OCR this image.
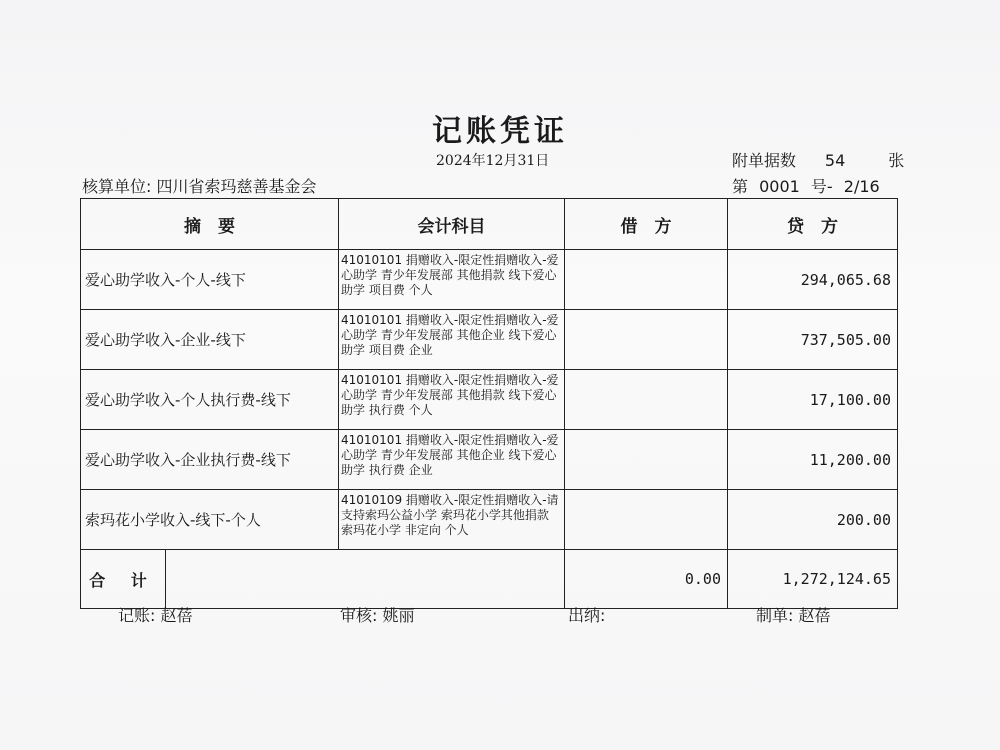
记账凭证
2024年12月31日	附单据数 54	张
核算单位: 四川省索玛慈善基金会	第 0001 号- 2/16
摘　要	会计科目	借　方	贷　方
爱心助学收入-个人-线下	41010101 捐赠收入-限定性捐赠收入-爱心助学 青少年发展部 其他捐款 线下爱心助学 项目费 个人		294,065.68
爱心助学收入-企业-线下	41010101 捐赠收入-限定性捐赠收入-爱心助学 青少年发展部 其他企业 线下爱心助学 项目费 企业		737,505.00
爱心助学收入-个人执行费-线下	41010101 捐赠收入-限定性捐赠收入-爱心助学 青少年发展部 其他捐款 线下爱心助学 执行费 个人		17,100.00
爱心助学收入-企业执行费-线下	41010101 捐赠收入-限定性捐赠收入-爱心助学 青少年发展部 其他企业 线下爱心助学 执行费 企业		11,200.00
索玛花小学收入-线下-个人	41010109 捐赠收入-限定性捐赠收入-请支持索玛公益小学 索玛花小学其他捐款 索玛花小学 非定向 个人		200.00

合 计		0.00	1,272,124.65
记账: 赵蓓	审核: 姚丽	出纳:	制单: 赵蓓
